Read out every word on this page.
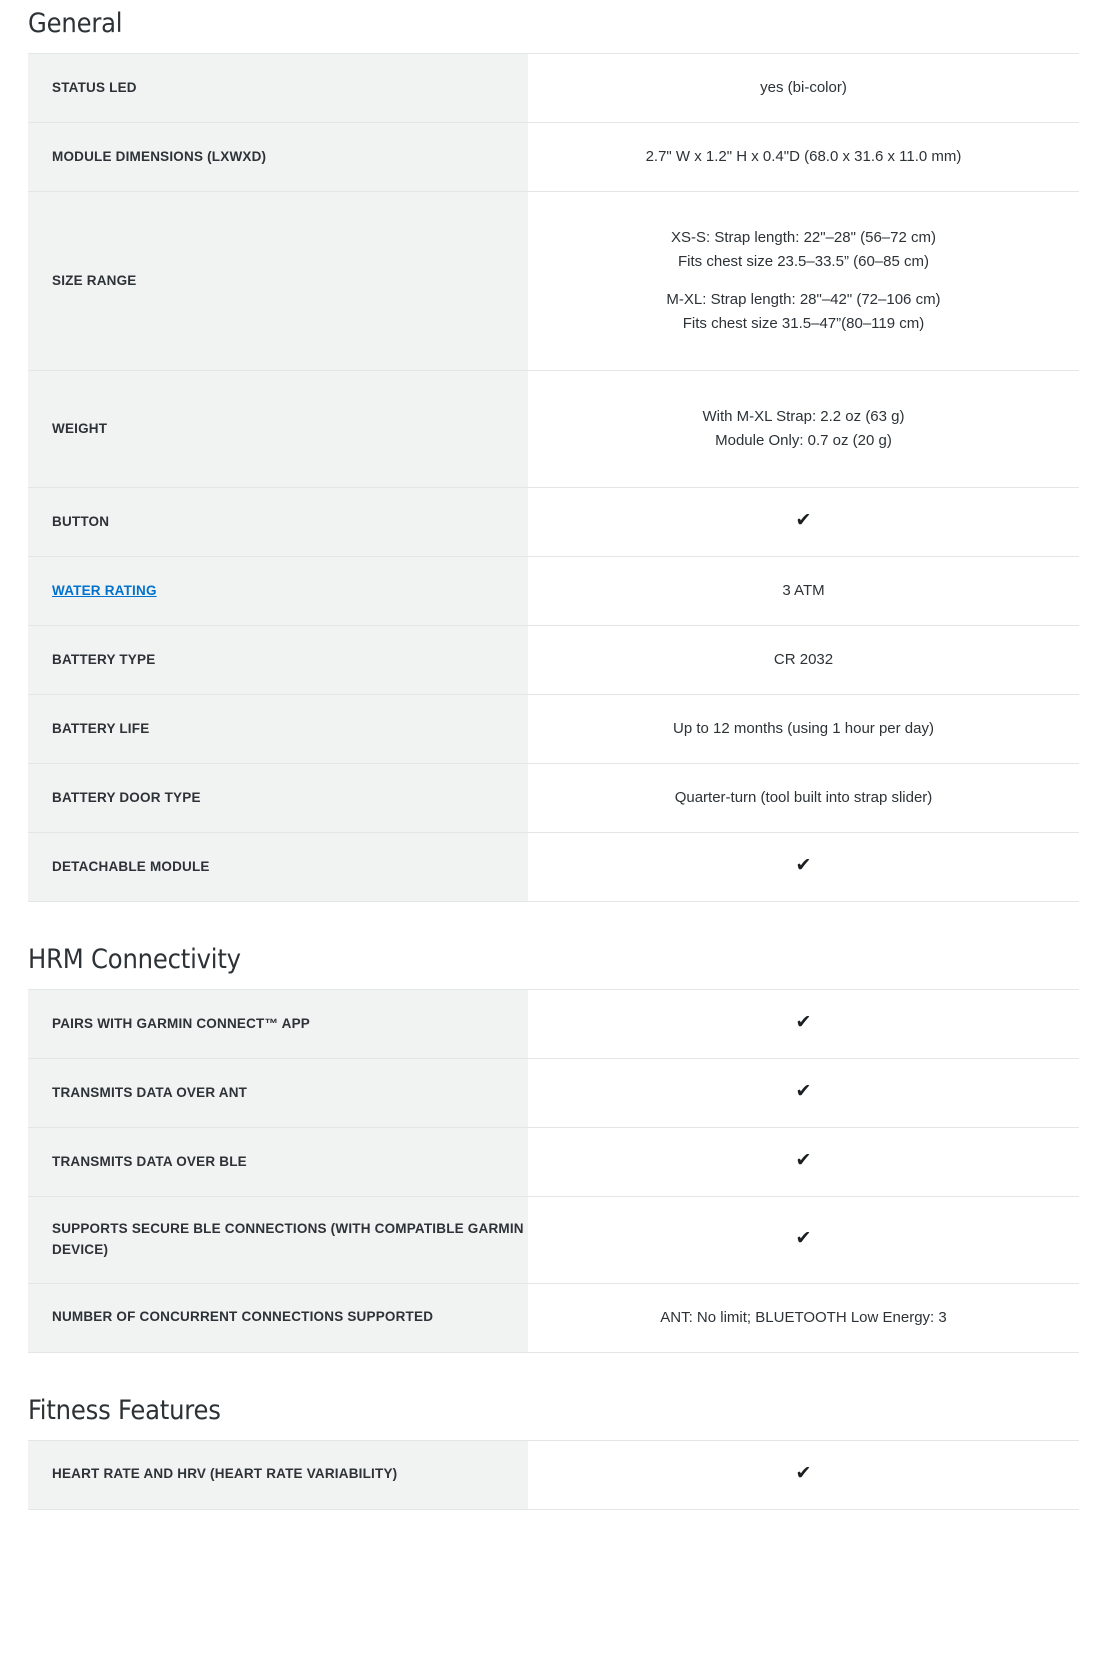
General
STATUS LED	yes (bi-color)
MODULE DIMENSIONS (LXWXD)	2.7" W x 1.2" H x 0.4"D (68.0 x 31.6 x 11.0 mm)
SIZE RANGE	XS-S: Strap length: 22"–28" (56–72 cm)
Fits chest size 23.5–33.5” (60–85 cm)
M-XL: Strap length: 28"–42" (72–106 cm)
Fits chest size 31.5–47”(80–119 cm)

WEIGHT	With M-XL Strap: 2.2 oz (63 g)
Module Only: 0.7 oz (20 g)

BUTTON	✔
WATER RATING	3 ATM
BATTERY TYPE	CR 2032
BATTERY LIFE	Up to 12 months (using 1 hour per day)
BATTERY DOOR TYPE	Quarter-turn (tool built into strap slider)
DETACHABLE MODULE	✔
HRM Connectivity
PAIRS WITH GARMIN CONNECT™ APP	✔
TRANSMITS DATA OVER ANT	✔
TRANSMITS DATA OVER BLE	✔
SUPPORTS SECURE BLE CONNECTIONS (WITH COMPATIBLE GARMIN DEVICE)	✔
NUMBER OF CONCURRENT CONNECTIONS SUPPORTED	ANT: No limit; BLUETOOTH Low Energy: 3
Fitness Features
HEART RATE AND HRV (HEART RATE VARIABILITY)	✔
